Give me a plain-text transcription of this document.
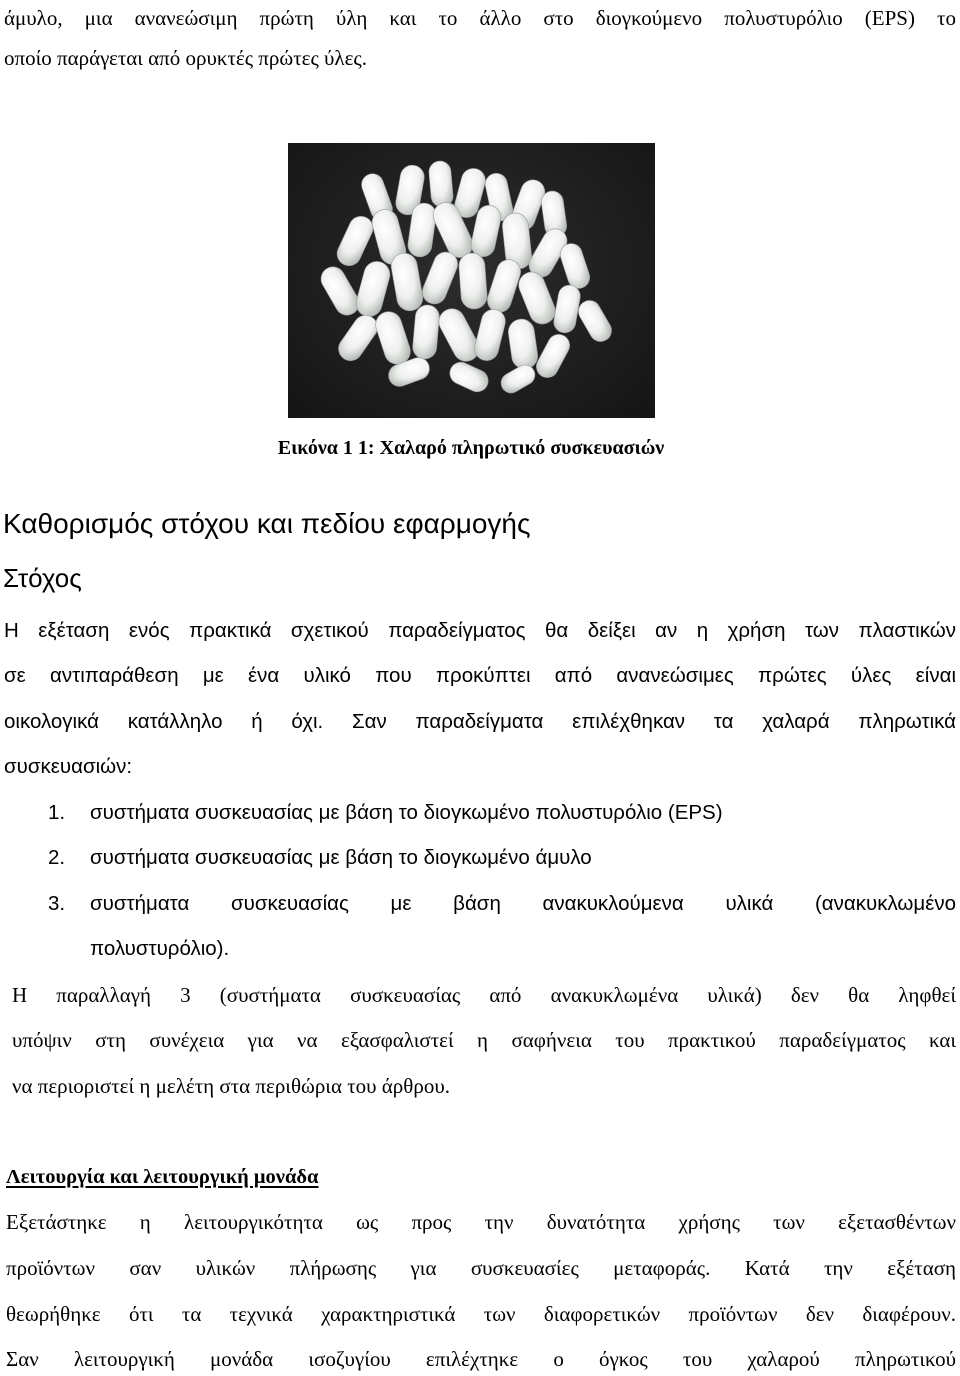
άμυλο, μια ανανεώσιμη πρώτη ύλη και το άλλο στο διογκούμενο πολυστυρόλιο (EPS) το
οποίο παράγεται από ορυκτές πρώτες ύλες.
Εικόνα 1 1: Χαλαρό πληρωτικό συσκευασιών
Καθορισμός στόχου και πεδίου εφαρμογής
Στόχος
Η εξέταση ενός πρακτικά σχετικού παραδείγματος θα δείξει αν η χρήση των πλαστικών
σε αντιπαράθεση με ένα υλικό που προκύπτει από ανανεώσιμες πρώτες ύλες είναι
οικολογικά κατάλληλο ή όχι. Σαν παραδείγματα επιλέχθηκαν τα χαλαρά πληρωτικά
συσκευασιών:
1. συστήματα συσκευασίας με βάση το διογκωμένο πολυστυρόλιο (EPS)
2. συστήματα συσκευασίας με βάση το διογκωμένο άμυλο
3. συστήματα συσκευασίας με βάση ανακυκλούμενα υλικά (ανακυκλωμένο
πολυστυρόλιο).
Η παραλλαγή 3 (συστήματα συσκευασίας από ανακυκλωμένα υλικά) δεν θα ληφθεί
υπόψιν στη συνέχεια για να εξασφαλιστεί η σαφήνεια του πρακτικού παραδείγματος και
να περιοριστεί η μελέτη στα περιθώρια του άρθρου.
Λειτουργία και λειτουργική μονάδα
Εξετάστηκε η λειτουργικότητα ως προς την δυνατότητα χρήσης των εξετασθέντων
προϊόντων σαν υλικών πλήρωσης για συσκευασίες μεταφοράς. Κατά την εξέταση
θεωρήθηκε ότι τα τεχνικά χαρακτηριστικά των διαφορετικών προϊόντων δεν διαφέρουν.
Σαν λειτουργική μονάδα ισοζυγίου επιλέχτηκε ο όγκος του χαλαρού πληρωτικού
